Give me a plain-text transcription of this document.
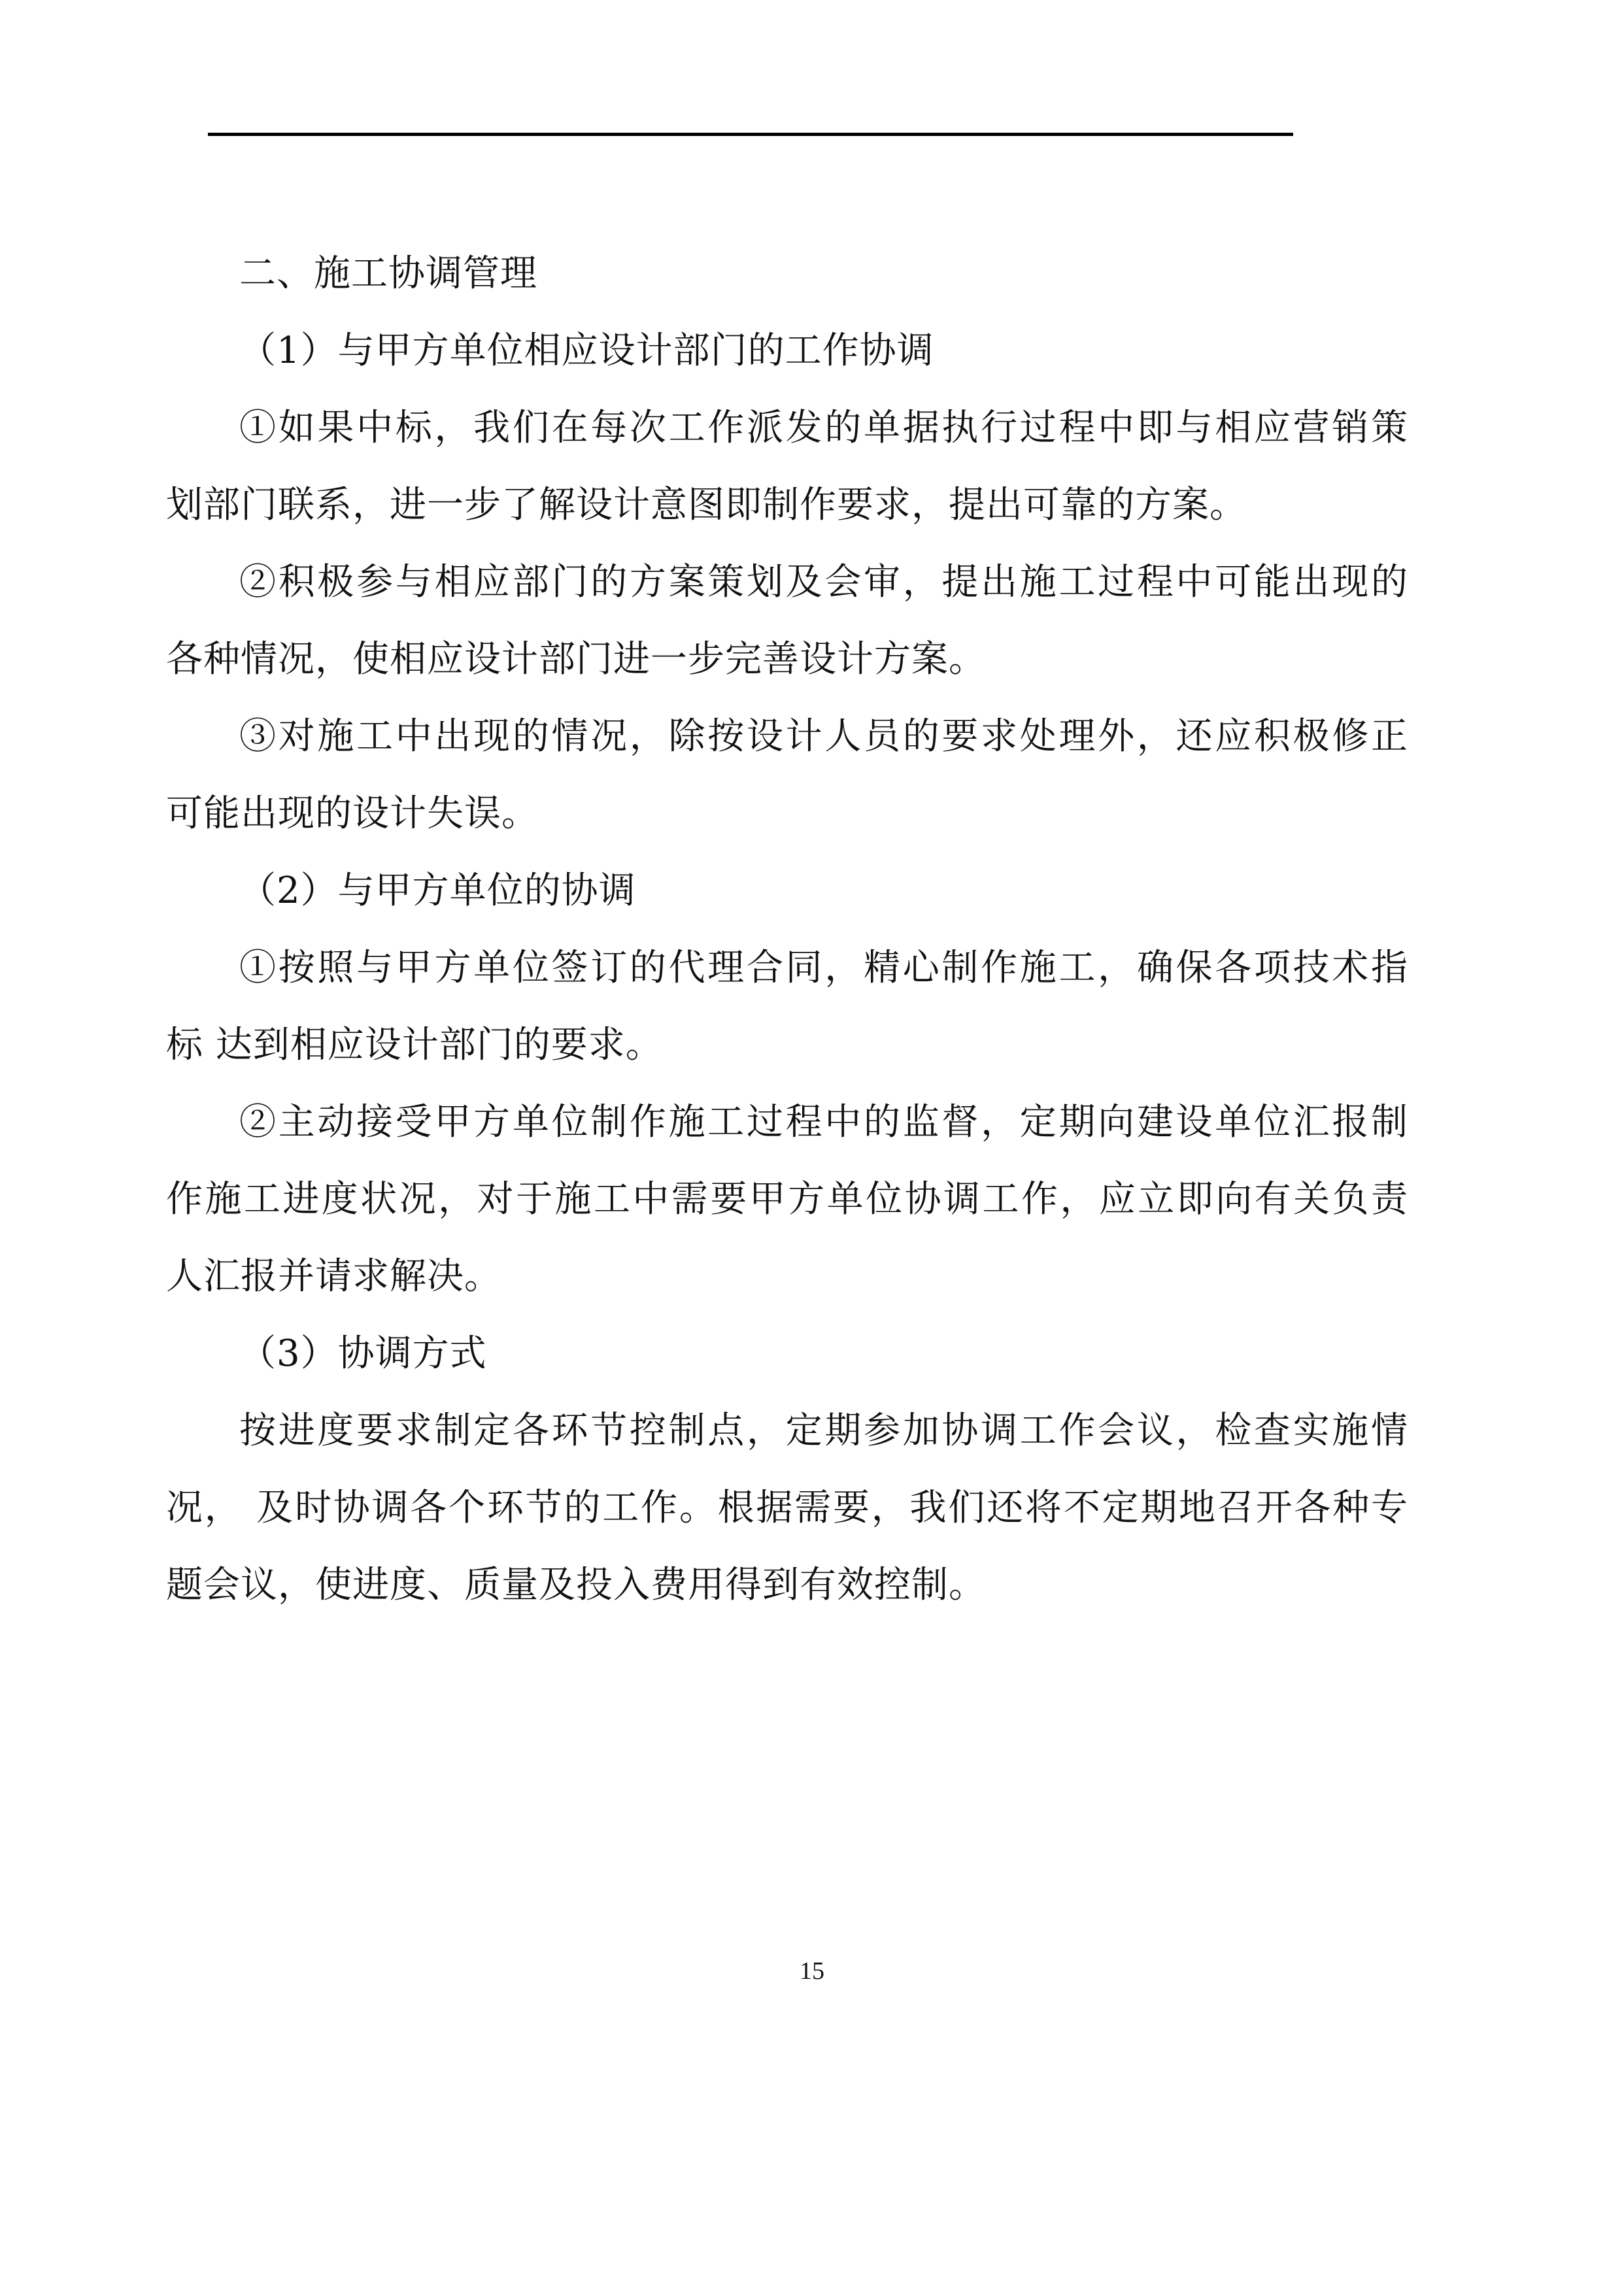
二、施工协调管理
（1）与甲方单位相应设计部门的工作协调
①如果中标，我们在每次工作派发的单据执行过程中即与相应营销策
划部门联系，进一步了解设计意图即制作要求，提出可靠的方案。
②积极参与相应部门的方案策划及会审，提出施工过程中可能出现的
各种情况，使相应设计部门进一步完善设计方案。
③对施工中出现的情况，除按设计人员的要求处理外，还应积极修正
可能出现的设计失误。
（2）与甲方单位的协调
①按照与甲方单位签订的代理合同，精心制作施工，确保各项技术指
标 达到相应设计部门的要求。
②主动接受甲方单位制作施工过程中的监督，定期向建设单位汇报制
作施工进度状况，对于施工中需要甲方单位协调工作，应立即向有关负责
人汇报并请求解决。
（3）协调方式
按进度要求制定各环节控制点，定期参加协调工作会议，检查实施情
况， 及时协调各个环节的工作。根据需要，我们还将不定期地召开各种专
题会议，使进度、质量及投入费用得到有效控制。
15
